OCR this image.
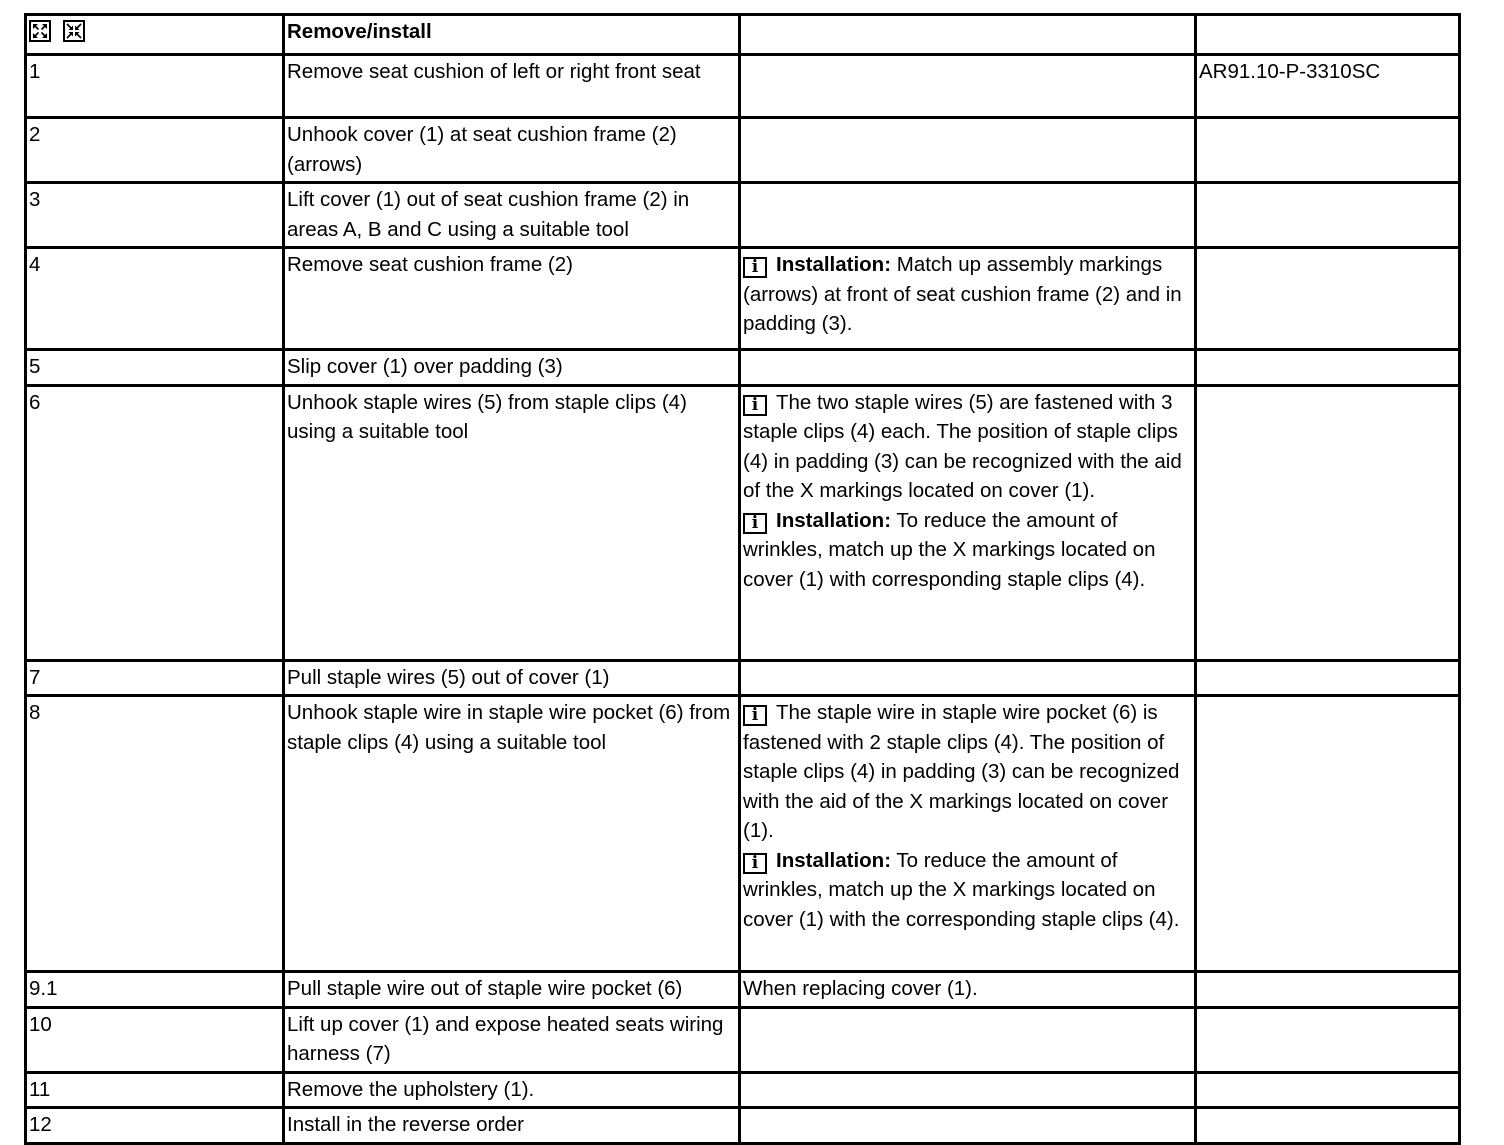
	Remove/install		
1	Remove seat cushion of left or right front seat		AR91.10-P-3310SC
2	Unhook cover (1) at seat cushion frame (2) (arrows)		
3	Lift cover (1) out of seat cushion frame (2) in areas A, B and C using a suitable tool		
4	Remove seat cushion frame (2)	i Installation: Match up assembly markings (arrows) at front of seat cushion frame (2) and in padding (3).	

5	Slip cover (1) over padding (3)		
6	Unhook staple wires (5) from staple clips (4) using a suitable tool	i The two staple wires (5) are fastened with 3 staple clips (4) each. The position of staple clips (4) in padding (3) can be recognized with the aid of the X markings located on cover (1).

i Installation: To reduce the amount of wrinkles, match up the X markings located on cover (1) with corresponding staple clips (4).	

7	Pull staple wires (5) out of cover (1)		
8	Unhook staple wire in staple wire pocket (6) from staple clips (4) using a suitable tool	i The staple wire in staple wire pocket (6) is fastened with 2 staple clips (4). The position of staple clips (4) in padding (3) can be recognized with the aid of the X markings located on cover (1).

i Installation: To reduce the amount of wrinkles, match up the X markings located on cover (1) with the corresponding staple clips (4).	

9.1	Pull staple wire out of staple wire pocket (6)	When replacing cover (1).	
10	Lift up cover (1) and expose heated seats wiring harness (7)		
11	Remove the upholstery (1).		
12	Install in the reverse order		
